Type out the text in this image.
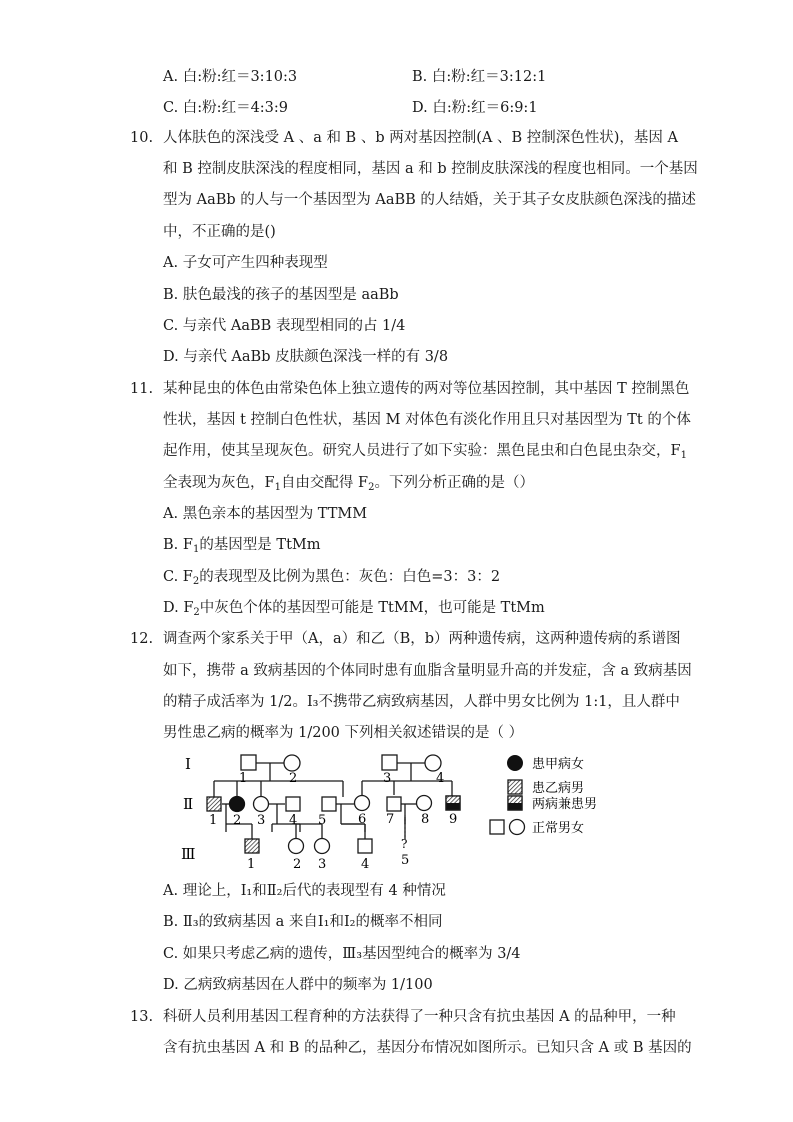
A. 白:粉:红＝3:10:3	B. 白:粉:红＝3:12:1
C. 白:粉:红＝4:3:9	D. 白:粉:红＝6:9:1
10. 人体肤色的深浅受 A 、a 和 B 、b 两对基因控制(A 、B 控制深色性状)，基因 A
和 B 控制皮肤深浅的程度相同，基因 a 和 b 控制皮肤深浅的程度也相同。一个基因
型为 AaBb 的人与一个基因型为 AaBB 的人结婚，关于其子女皮肤颜色深浅的描述
中，不正确的是()
A. 子女可产生四种表现型
B. 肤色最浅的孩子的基因型是 aaBb
C. 与亲代 AaBB 表现型相同的占 1/4
D. 与亲代 AaBb 皮肤颜色深浅一样的有 3/8
11. 某种昆虫的体色由常染色体上独立遗传的两对等位基因控制，其中基因 T 控制黑色
性状，基因 t 控制白色性状，基因 M 对体色有淡化作用且只对基因型为 Tt 的个体
起作用，使其呈现灰色。研究人员进行了如下实验：黑色昆虫和白色昆虫杂交，$F_1$
全表现为灰色，$F_1$自由交配得 $F_2$。下列分析正确的是（）
A. 黑色亲本的基因型为 TTMM
B. $F_1$的基因型是 TtMm
C. $F_2$的表现型及比例为黑色：灰色：白色=3：3：2
D. $F_2$中灰色个体的基因型可能是 TtMM，也可能是 TtMm
12. 调查两个家系关于甲（A，a）和乙（B，b）两种遗传病，这两种遗传病的系谱图
如下，携带 a 致病基因的个体同时患有血脂含量明显升高的并发症，含 a 致病基因
的精子成活率为 1/2。Ⅰ₃不携带乙病致病基因，人群中男女比例为 1:1，且人群中
男性患乙病的概率为 1/200 下列相关叙述错误的是（ ）
Ⅰ
Ⅱ
Ⅲ
1	2	3	4
1 2 3 4 5 6 7 8 9
1	2 3	4
?
5
患甲病女
患乙病男
两病兼患男
正常男女
A. 理论上，Ⅰ₁和Ⅱ₂后代的表现型有 4 种情况
B. Ⅱ₃的致病基因 a 来自Ⅰ₁和Ⅰ₂的概率不相同
C. 如果只考虑乙病的遗传，Ⅲ₃基因型纯合的概率为 3/4
D. 乙病致病基因在人群中的频率为 1/100
13. 科研人员利用基因工程育种的方法获得了一种只含有抗虫基因 A 的品种甲，一种
含有抗虫基因 A 和 B 的品种乙，基因分布情况如图所示。已知只含 A 或 B 基因的
